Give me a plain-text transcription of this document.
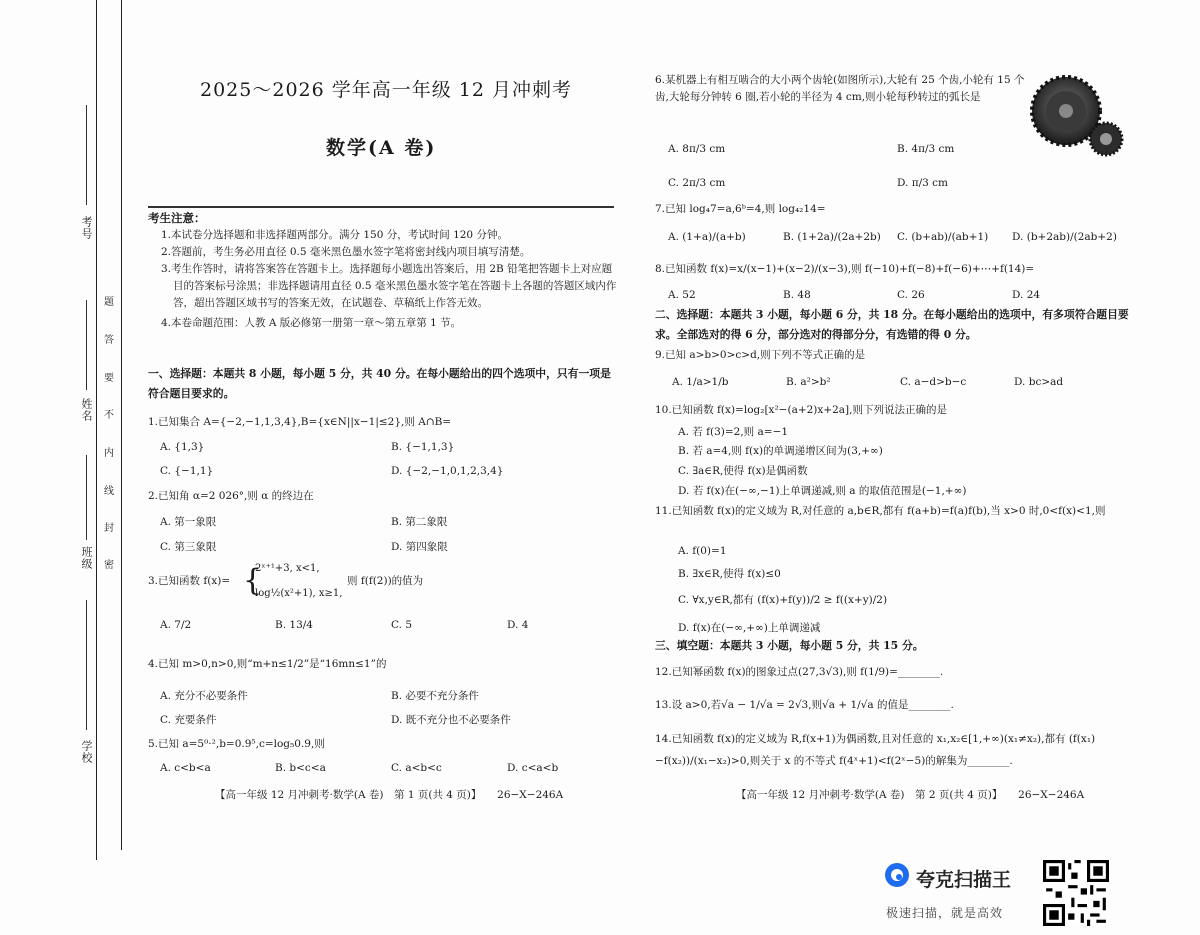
考号
姓名
班级
学校
密
封
线
内
不
要
答
题
2025～2026 学年高一年级 12 月冲刺考
数学(A 卷)
考生注意：

1.本试卷分选择题和非选择题两部分。满分 150 分，考试时间 120 分钟。

2.答题前，考生务必用直径 0.5 毫米黑色墨水签字笔将密封线内项目填写清楚。

3.考生作答时，请将答案答在答题卡上。选择题每小题选出答案后，用 2B 铅笔把答题卡上对应题目的答案标号涂黑；非选择题请用直径 0.5 毫米黑色墨水签字笔在答题卡上各题的答题区域内作答，超出答题区域书写的答案无效，在试题卷、草稿纸上作答无效。

4.本卷命题范围：人教 A 版必修第一册第一章～第五章第 1 节。

一、选择题：本题共 8 小题，每小题 5 分，共 40 分。在每小题给出的四个选项中，只有一项是符合题目要求的。
1.已知集合 A={−2,−1,1,3,4},B={x∈N||x−1|≤2},则 A∩B=
A. {1,3}	B. {−1,1,3}
C. {−1,1}	D. {−2,−1,0,1,2,3,4}
2.已知角 α=2 026°,则 α 的终边在
A. 第一象限	B. 第二象限
C. 第三象限	D. 第四象限
3.已知函数 f(x)= {
2ˣ⁺¹+3, x<1,
log½(x²+1), x≥1,
则 f(f(2))的值为
A. 7/2	B. 13/4	C. 5	D. 4
4.已知 m>0,n>0,则“m+n≤1/2”是“16mn≤1”的
A. 充分不必要条件	B. 必要不充分条件
C. 充要条件	D. 既不充分也不必要条件
5.已知 a=5⁰·²,b=0.9⁵,c=log₅0.9,则
A. c<b<a	B. b<c<a	C. a<b<c	D. c<a<b
【高一年级 12 月冲刺考·数学(A 卷)　第 1 页(共 4 页)】　　26−X−246A
6.某机器上有相互啮合的大小两个齿轮(如图所示),大轮有 25 个齿,小轮有 15 个齿,大轮每分钟转 6 圈,若小轮的半径为 4 cm,则小轮每秒转过的弧长是
A. 8π/3 cm	B. 4π/3 cm
C. 2π/3 cm	D. π/3 cm
7.已知 log₄7=a,6ᵇ=4,则 log₄₂14=
A. (1+a)/(a+b)	B. (1+2a)/(2a+2b) C. (b+ab)/(ab+1) D. (b+2ab)/(2ab+2)
8.已知函数 f(x)=x/(x−1)+(x−2)/(x−3),则 f(−10)+f(−8)+f(−6)+⋯+f(14)=
A. 52	B. 48	C. 26	D. 24
二、选择题：本题共 3 小题，每小题 6 分，共 18 分。在每小题给出的选项中，有多项符合题目要求。全部选对的得 6 分，部分选对的得部分分，有选错的得 0 分。
9.已知 a>b>0>c>d,则下列不等式正确的是
A. 1/a>1/b	B. a²>b²	C. a−d>b−c	D. bc>ad
10.已知函数 f(x)=log₂[x²−(a+2)x+2a],则下列说法正确的是
A. 若 f(3)=2,则 a=−1
B. 若 a=4,则 f(x)的单调递增区间为(3,+∞)
C. ∃a∈R,使得 f(x)是偶函数
D. 若 f(x)在(−∞,−1)上单调递减,则 a 的取值范围是(−1,+∞)
11.已知函数 f(x)的定义域为 R,对任意的 a,b∈R,都有 f(a+b)=f(a)f(b),当 x>0 时,0<f(x)<1,则
A. f(0)=1
B. ∃x∈R,使得 f(x)≤0
C. ∀x,y∈R,都有 (f(x)+f(y))/2 ≥ f((x+y)/2)
D. f(x)在(−∞,+∞)上单调递减
三、填空题：本题共 3 小题，每小题 5 分，共 15 分。
12.已知幂函数 f(x)的图象过点(27,3√3),则 f(1/9)=________.
13.设 a>0,若√a − 1/√a = 2√3,则√a + 1/√a 的值是________.
14.已知函数 f(x)的定义域为 R,f(x+1)为偶函数,且对任意的 x₁,x₂∈[1,+∞)(x₁≠x₂),都有 (f(x₁)−f(x₂))/(x₁−x₂)>0,则关于 x 的不等式 f(4ˣ+1)<f(2ˣ−5)的解集为________.
【高一年级 12 月冲刺考·数学(A 卷)　第 2 页(共 4 页)】　　26−X−246A
夸克扫描王
极速扫描，就是高效
